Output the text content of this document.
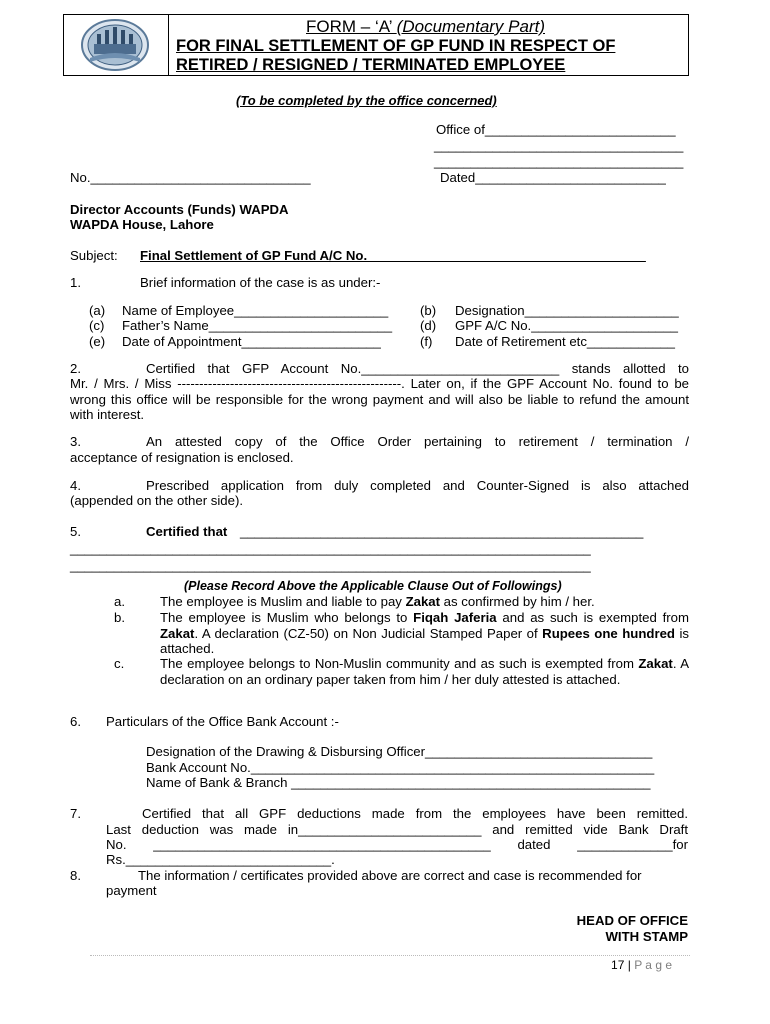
FORM – ‘A’ (Documentary Part)
FOR FINAL SETTLEMENT OF GP FUND IN RESPECT OF
RETIRED / RESIGNED / TERMINATED EMPLOYEE
(To be completed by the office concerned)
Office of__________________________
__________________________________
__________________________________
No.______________________________	Dated__________________________
Director Accounts (Funds) WAPDA
WAPDA House, Lahore
Subject: Final Settlement of GP Fund A/C No.______________________________________
1.	Brief information of the case is as under:-
(a) Name of Employee_____________________ (b) Designation_____________________
(c) Father’s Name_________________________ (d) GPF A/C No.____________________
(e) Date of Appointment___________________	(f) Date of Retirement etc____________
2.	Certified that GFP Account No.___________________________ stands allotted to
Mr. / Mrs. / Miss ---------------------------------------------------. Later on, if the GPF Account No. found to be wrong this office will be responsible for the wrong payment and will also be liable to refund the amount with interest.
3.	An attested copy of the Office Order pertaining to retirement / termination /
acceptance of resignation is enclosed.
4.	Prescribed application from duly completed and Counter-Signed is also attached
(appended on the other side).
5.	Certified that _______________________________________________________
_______________________________________________________________________
_______________________________________________________________________
(Please Record Above the Applicable Clause Out of Followings)
a.	The employee is Muslim and liable to pay Zakat as confirmed by him / her.
b.	The employee is Muslim who belongs to Fiqah Jaferia and as such is exempted from Zakat. A declaration (CZ-50) on Non Judicial Stamped Paper of Rupees one hundred is attached.
c.	The employee belongs to Non-Muslin community and as such is exempted from Zakat. A declaration on an ordinary paper taken from him / her duly attested is attached.
6. Particulars of the Office Bank Account :-
Designation of the Drawing & Disbursing Officer_______________________________
Bank Account No._______________________________________________________
Name of Bank & Branch _________________________________________________
7.	Certified that all GPF deductions made from the employees have been remitted.
Last deduction was made in_________________________ and remitted vide Bank Draft
No. ______________________________________________ dated _____________for
Rs.____________________________.
8.	The information / certificates provided above are correct and case is recommended for
payment
HEAD OF OFFICE
WITH STAMP
17 | P a g e
